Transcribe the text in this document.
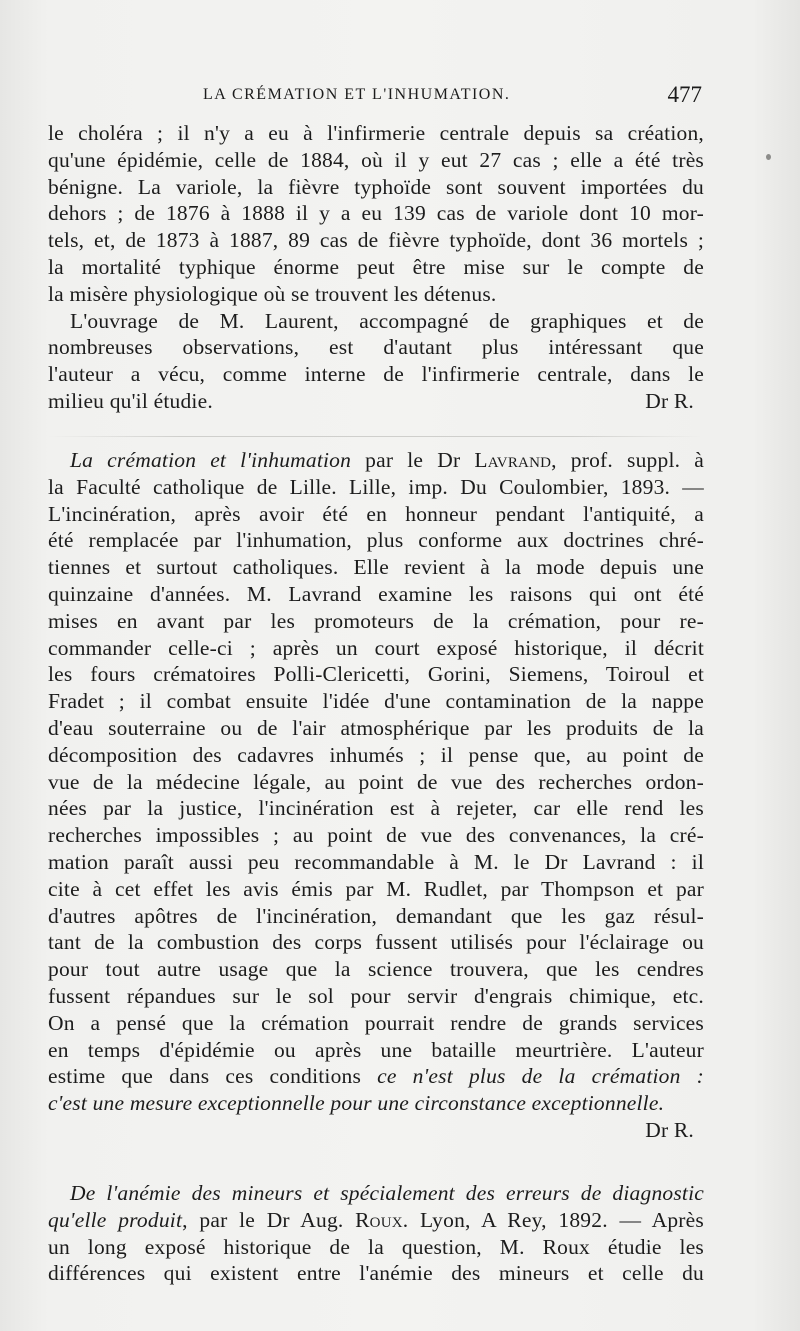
LA CRÉMATION ET L'INHUMATION.	477
le choléra ; il n'y a eu à l'infirmerie centrale depuis sa création,
qu'une épidémie, celle de 1884, où il y eut 27 cas ; elle a été très
bénigne. La variole, la fièvre typhoïde sont souvent importées du
dehors ; de 1876 à 1888 il y a eu 139 cas de variole dont 10 mor-
tels, et, de 1873 à 1887, 89 cas de fièvre typhoïde, dont 36 mortels ;
la mortalité typhique énorme peut être mise sur le compte de
la misère physiologique où se trouvent les détenus.
L'ouvrage de M. Laurent, accompagné de graphiques et de
nombreuses observations, est d'autant plus intéressant que
l'auteur a vécu, comme interne de l'infirmerie centrale, dans le
milieu qu'il étudie.	Dr R.
La crémation et l'inhumation par le Dr Lavrand, prof. suppl. à
la Faculté catholique de Lille. Lille, imp. Du Coulombier, 1893. —
L'incinération, après avoir été en honneur pendant l'antiquité, a
été remplacée par l'inhumation, plus conforme aux doctrines chré-
tiennes et surtout catholiques. Elle revient à la mode depuis une
quinzaine d'années. M. Lavrand examine les raisons qui ont été
mises en avant par les promoteurs de la crémation, pour re-
commander celle-ci ; après un court exposé historique, il décrit
les fours crématoires Polli-Clericetti, Gorini, Siemens, Toiroul et
Fradet ; il combat ensuite l'idée d'une contamination de la nappe
d'eau souterraine ou de l'air atmosphérique par les produits de la
décomposition des cadavres inhumés ; il pense que, au point de
vue de la médecine légale, au point de vue des recherches ordon-
nées par la justice, l'incinération est à rejeter, car elle rend les
recherches impossibles ; au point de vue des convenances, la cré-
mation paraît aussi peu recommandable à M. le Dr Lavrand : il
cite à cet effet les avis émis par M. Rudlet, par Thompson et par
d'autres apôtres de l'incinération, demandant que les gaz résul-
tant de la combustion des corps fussent utilisés pour l'éclairage ou
pour tout autre usage que la science trouvera, que les cendres
fussent répandues sur le sol pour servir d'engrais chimique, etc.
On a pensé que la crémation pourrait rendre de grands services
en temps d'épidémie ou après une bataille meurtrière. L'auteur
estime que dans ces conditions ce n'est plus de la crémation :
c'est une mesure exceptionnelle pour une circonstance exceptionnelle.
Dr R.
De l'anémie des mineurs et spécialement des erreurs de diagnostic
qu'elle produit, par le Dr Aug. Roux. Lyon, A Rey, 1892. — Après
un long exposé historique de la question, M. Roux étudie les
différences qui existent entre l'anémie des mineurs et celle du
